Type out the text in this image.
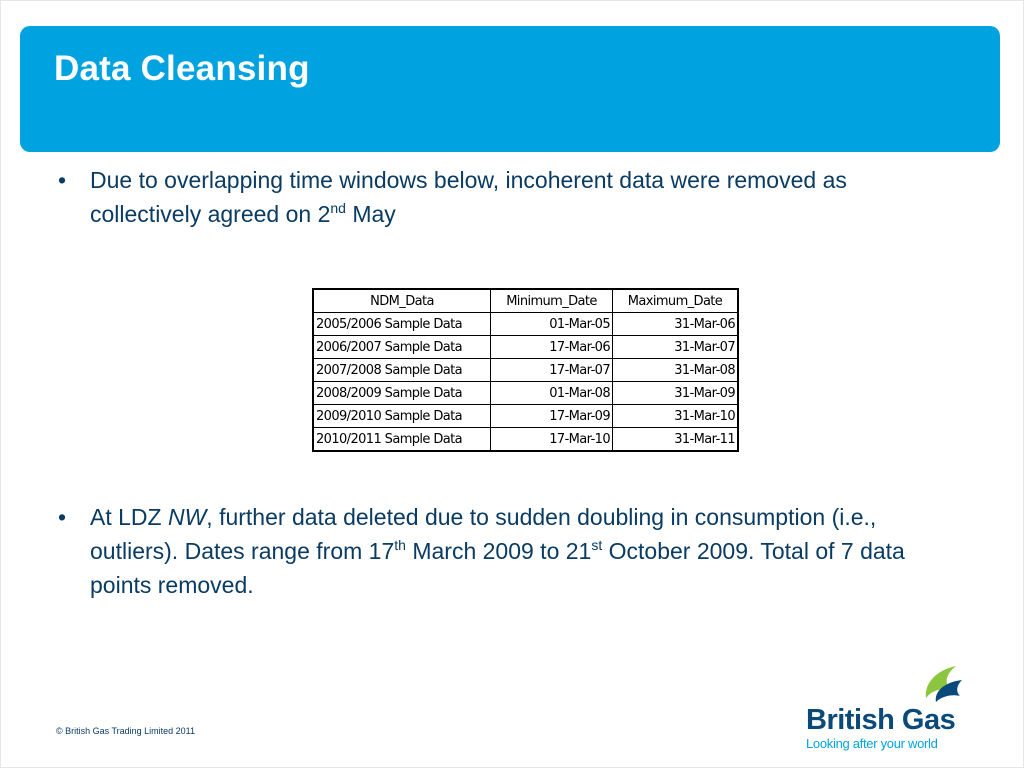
Data Cleansing
• Due to overlapping time windows below, incoherent data were removed as collectively agreed on 2nd May
NDM_Data	Minimum_Date	Maximum_Date
2005/2006 Sample Data	01-Mar-05	31-Mar-06
2006/2007 Sample Data	17-Mar-06	31-Mar-07
2007/2008 Sample Data	17-Mar-07	31-Mar-08
2008/2009 Sample Data	01-Mar-08	31-Mar-09
2009/2010 Sample Data	17-Mar-09	31-Mar-10
2010/2011 Sample Data	17-Mar-10	31-Mar-11
• At LDZ NW, further data deleted due to sudden doubling in consumption (i.e., outliers). Dates range from 17th March 2009 to 21st October 2009. Total of 7 data points removed.
© British Gas Trading Limited 2011	British Gas
Looking after your world
